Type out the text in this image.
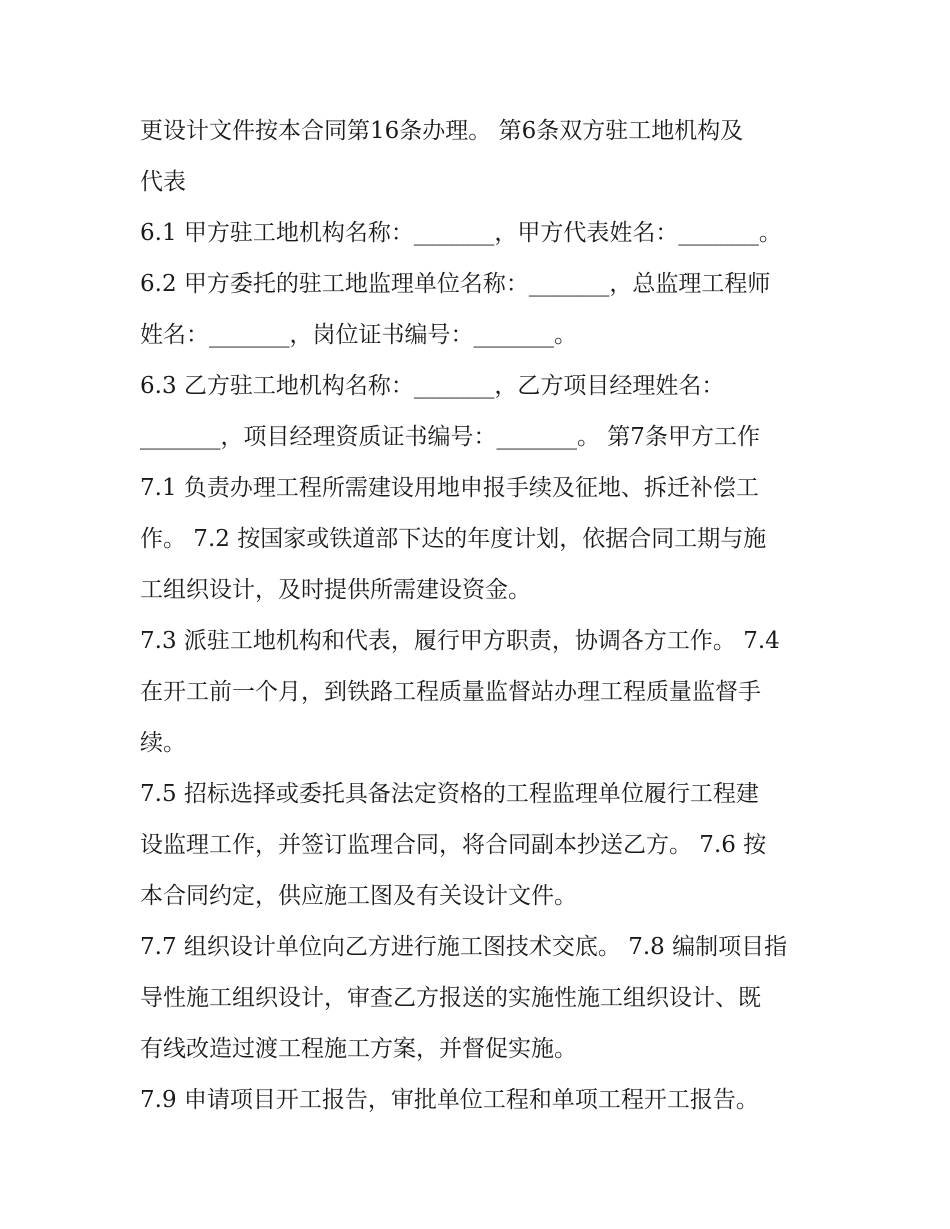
更设计文件按本合同第16条办理。 第6条双方驻工地机构及
代表
6.1 甲方驻工地机构名称：_______，甲方代表姓名：_______。
6.2 甲方委托的驻工地监理单位名称：_______，总监理工程师
姓名：_______，岗位证书编号：_______。
6.3 乙方驻工地机构名称：_______，乙方项目经理姓名：
_______，项目经理资质证书编号：_______。 第7条甲方工作
7.1 负责办理工程所需建设用地申报手续及征地、拆迁补偿工
作。 7.2 按国家或铁道部下达的年度计划，依据合同工期与施
工组织设计，及时提供所需建设资金。
7.3 派驻工地机构和代表，履行甲方职责，协调各方工作。 7.4
在开工前一个月，到铁路工程质量监督站办理工程质量监督手
续。
7.5 招标选择或委托具备法定资格的工程监理单位履行工程建
设监理工作，并签订监理合同，将合同副本抄送乙方。 7.6 按
本合同约定，供应施工图及有关设计文件。
7.7 组织设计单位向乙方进行施工图技术交底。 7.8 编制项目指
导性施工组织设计，审查乙方报送的实施性施工组织设计、既
有线改造过渡工程施工方案，并督促实施。
7.9 申请项目开工报告，审批单位工程和单项工程开工报告。
